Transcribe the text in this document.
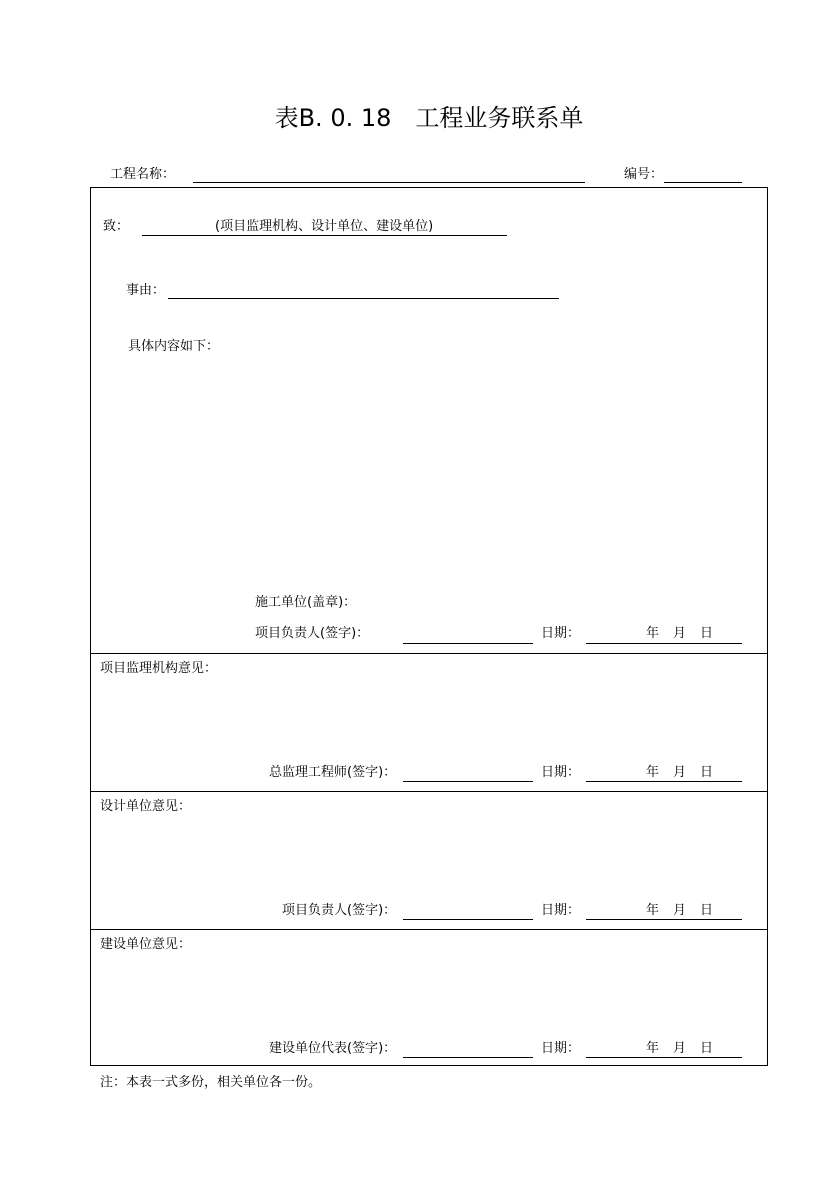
表B. 0. 18　工程业务联系单
工程名称：	编号：
致：	(项目监理机构、设计单位、建设单位)
事由：
具体内容如下：
施工单位(盖章)：
项目负责人(签字)：	日期：	年 月 日
项目监理机构意见：
总监理工程师(签字)：	日期：	年 月 日
设计单位意见：
项目负责人(签字)：	日期：	年 月 日
建设单位意见：
建设单位代表(签字)：	日期：	年 月 日
注：本表一式多份，相关单位各一份。
